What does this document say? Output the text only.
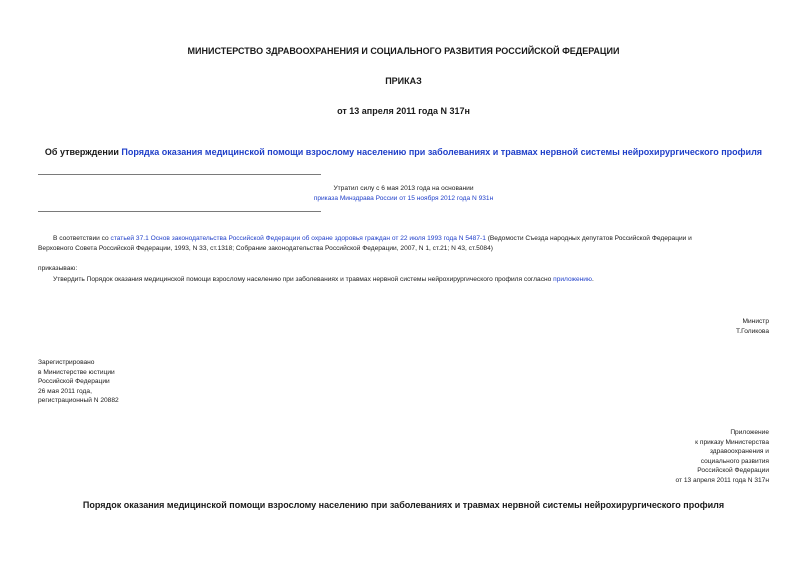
МИНИСТЕРСТВО ЗДРАВООХРАНЕНИЯ И СОЦИАЛЬНОГО РАЗВИТИЯ РОССИЙСКОЙ ФЕДЕРАЦИИ
ПРИКАЗ
от 13 апреля 2011 года N 317н
Об утверждении Порядка оказания медицинской помощи взрослому населению при заболеваниях и травмах нервной системы нейрохирургического профиля
Утратил силу с 6 мая 2013 года на основании
приказа Минздрава России от 15 ноября 2012 года N 931н
В соответствии со статьей 37.1 Основ законодательства Российской Федерации об охране здоровья граждан от 22 июля 1993 года N 5487-1 (Ведомости Съезда народных депутатов Российской Федерации и
Верховного Совета Российской Федерации, 1993, N 33, ст.1318; Собрание законодательства Российской Федерации, 2007, N 1, ст.21; N 43, ст.5084)
приказываю:
Утвердить Порядок оказания медицинской помощи взрослому населению при заболеваниях и травмах нервной системы нейрохирургического профиля согласно приложению.
Министр
Т.Голикова
Зарегистрировано
в Министерстве юстиции
Российской Федерации
26 мая 2011 года,
регистрационный N 20882
Приложение
к приказу Министерства
здравоохранения и
социального развития
Российской Федерации
от 13 апреля 2011 года N 317н
Порядок оказания медицинской помощи взрослому населению при заболеваниях и травмах нервной системы нейрохирургического профиля
